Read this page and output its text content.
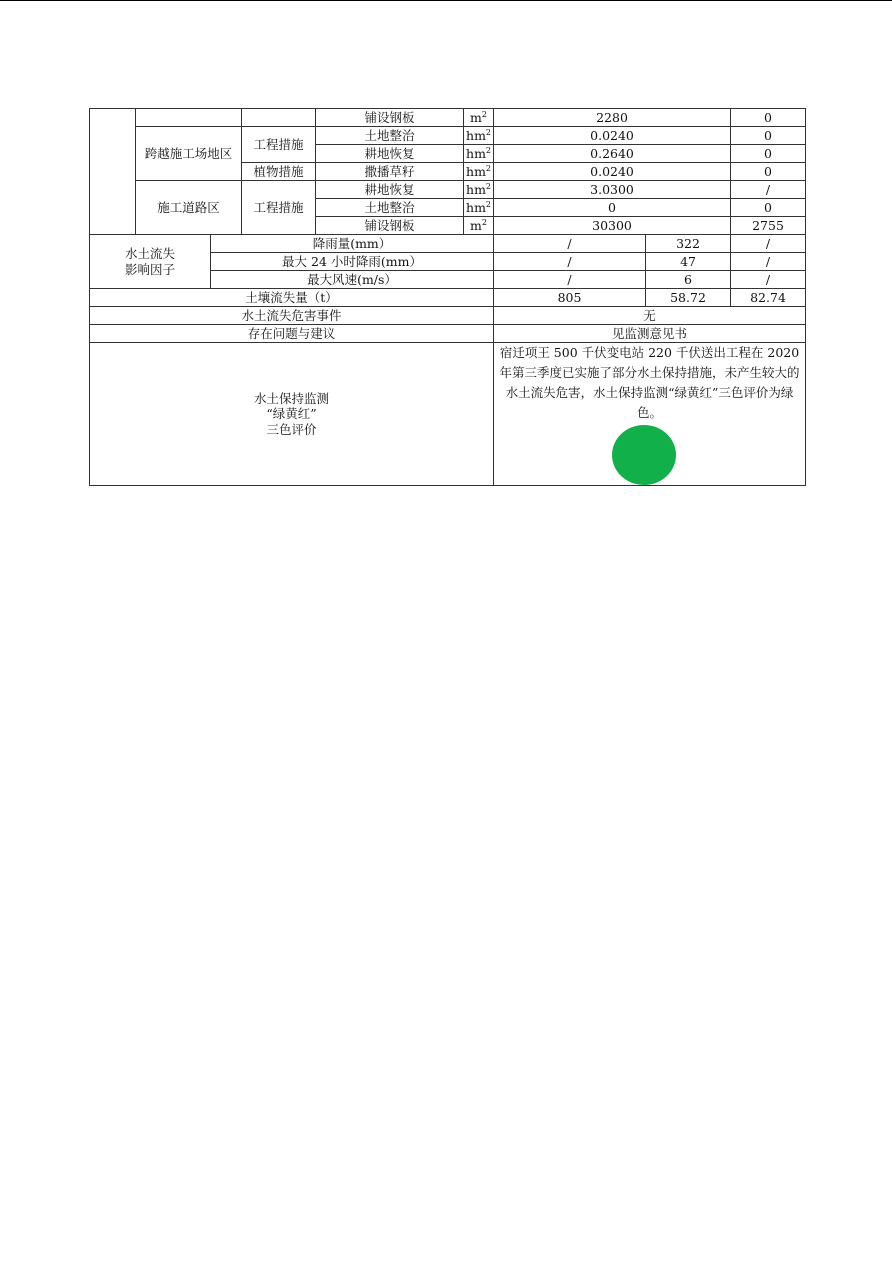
				铺设钢板	$m^2$	2280		0	
	跨越施工场地区		工程措施	土地整治	$hm^2$	0.0240		0	
				耕地恢复	$hm^2$	0.2640		0	
			植物措施	撒播草籽	$hm^2$	0.0240		0	
	施工道路区		工程措施	耕地恢复	$hm^2$	3.0300		/	
				土地整治	$hm^2$	0		0	
				铺设钢板	$m^2$	30300		2755	
水土流失
影响因子		降雨量(mm）				/	322	/	
		最大 24 小时降雨(mm）				/	47	/	
		最大风速(m/s）				/	6	/	
土壤流失量（t）						805	58.72	82.74	
水土流失危害事件						无			
存在问题与建议						见监测意见书			
水土保持监测
“绿黄红”
三色评价						宿迁项王 500 千伏变电站 220 千伏送出工程在 2020 年第三季度已实施了部分水土保持措施，未产生较大的水土流失危害，水土保持监测“绿黄红”三色评价为绿色。			
